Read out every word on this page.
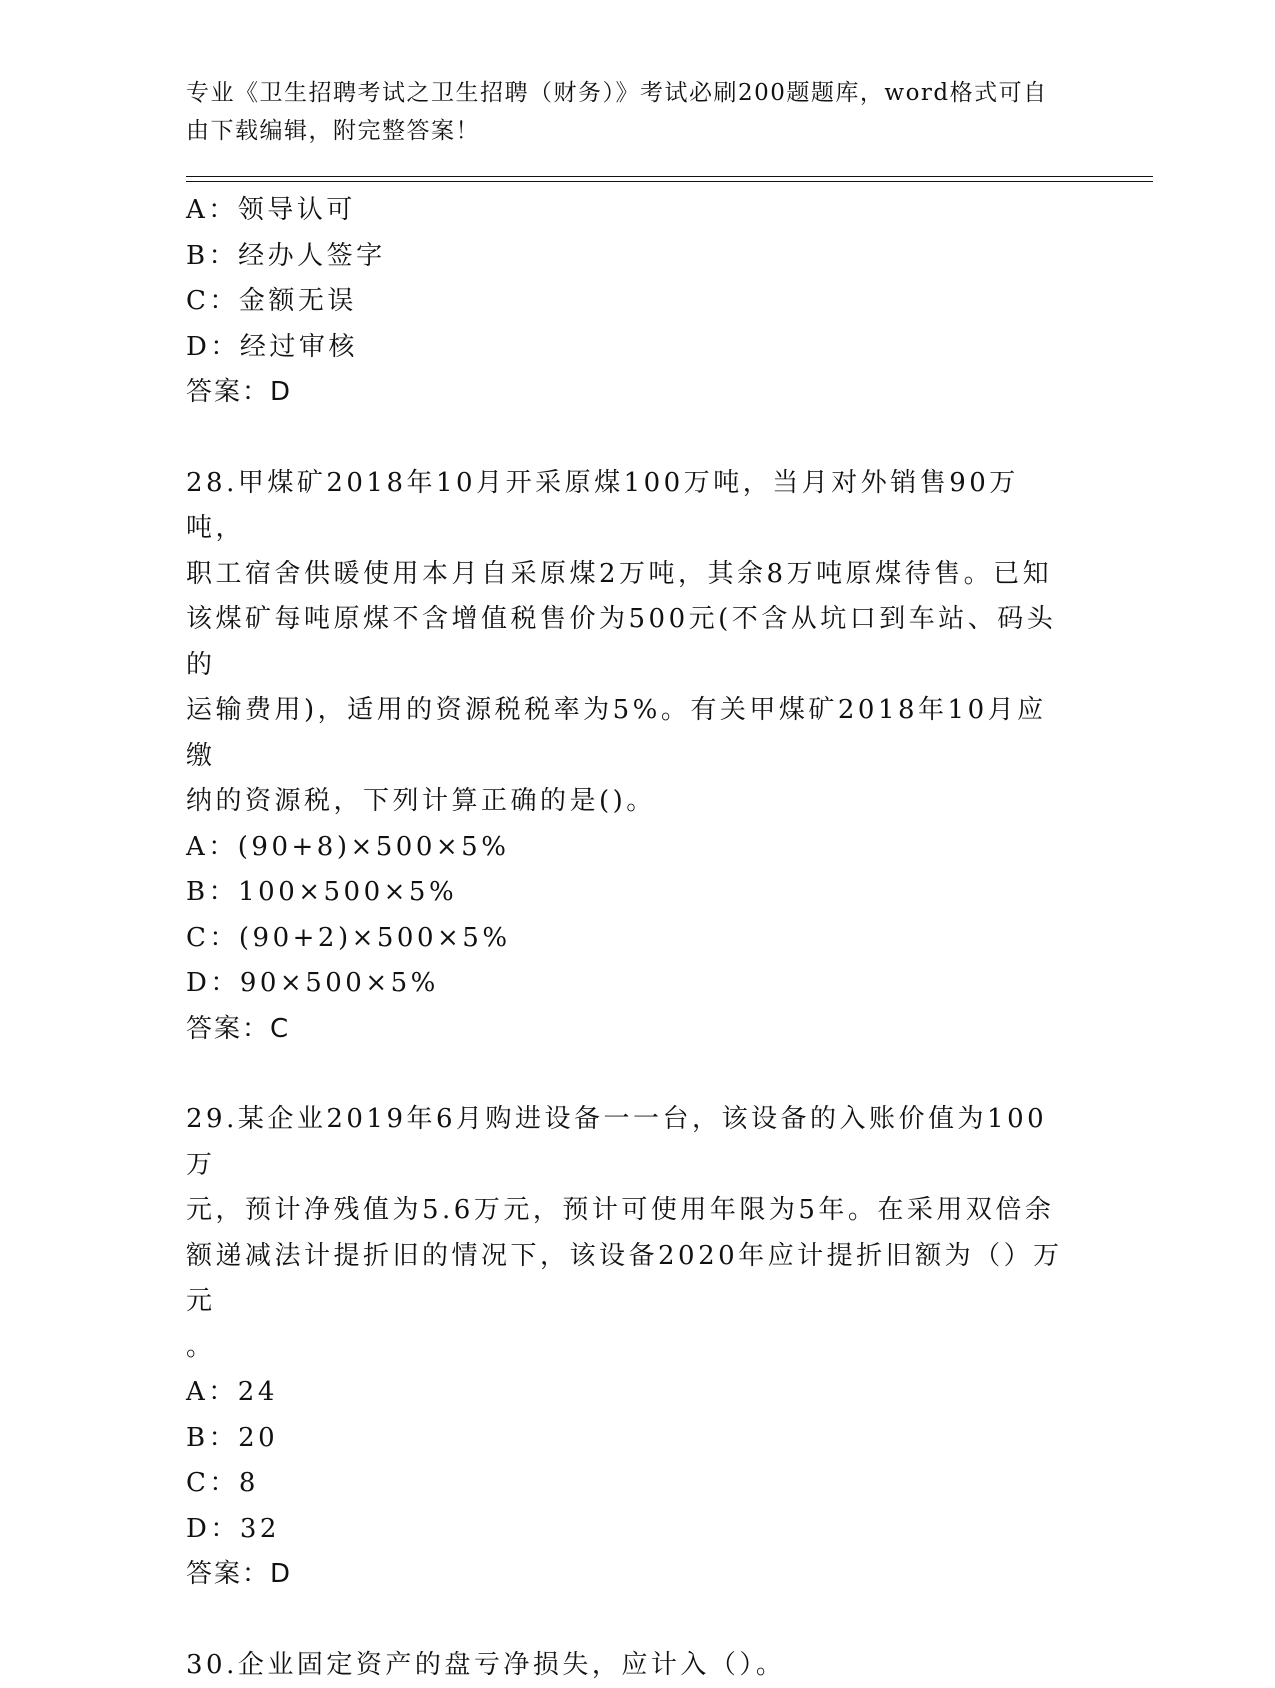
专业《卫生招聘考试之卫生招聘（财务）》考试必刷200题题库，word格式可自
由下载编辑，附完整答案！
A：领导认可
B：经办人签字
C：金额无误
D：经过审核
答案：D
28.甲煤矿2018年10月开采原煤100万吨，当月对外销售90万吨，
职工宿舍供暖使用本月自采原煤2万吨，其余8万吨原煤待售。已知
该煤矿每吨原煤不含增值税售价为500元(不含从坑口到车站、码头的
运输费用)，适用的资源税税率为5%。有关甲煤矿2018年10月应缴
纳的资源税，下列计算正确的是()。
A：(90+8)×500×5%
B：100×500×5%
C：(90+2)×500×5%
D：90×500×5%
答案：C
29.某企业2019年6月购进设备一一台，该设备的入账价值为100万
元，预计净残值为5.6万元，预计可使用年限为5年。在采用双倍余
额递减法计提折旧的情况下，该设备2020年应计提折旧额为（）万元
。
A：24
B：20
C：8
D：32
答案：D
30.企业固定资产的盘亏净损失，应计入（）。
